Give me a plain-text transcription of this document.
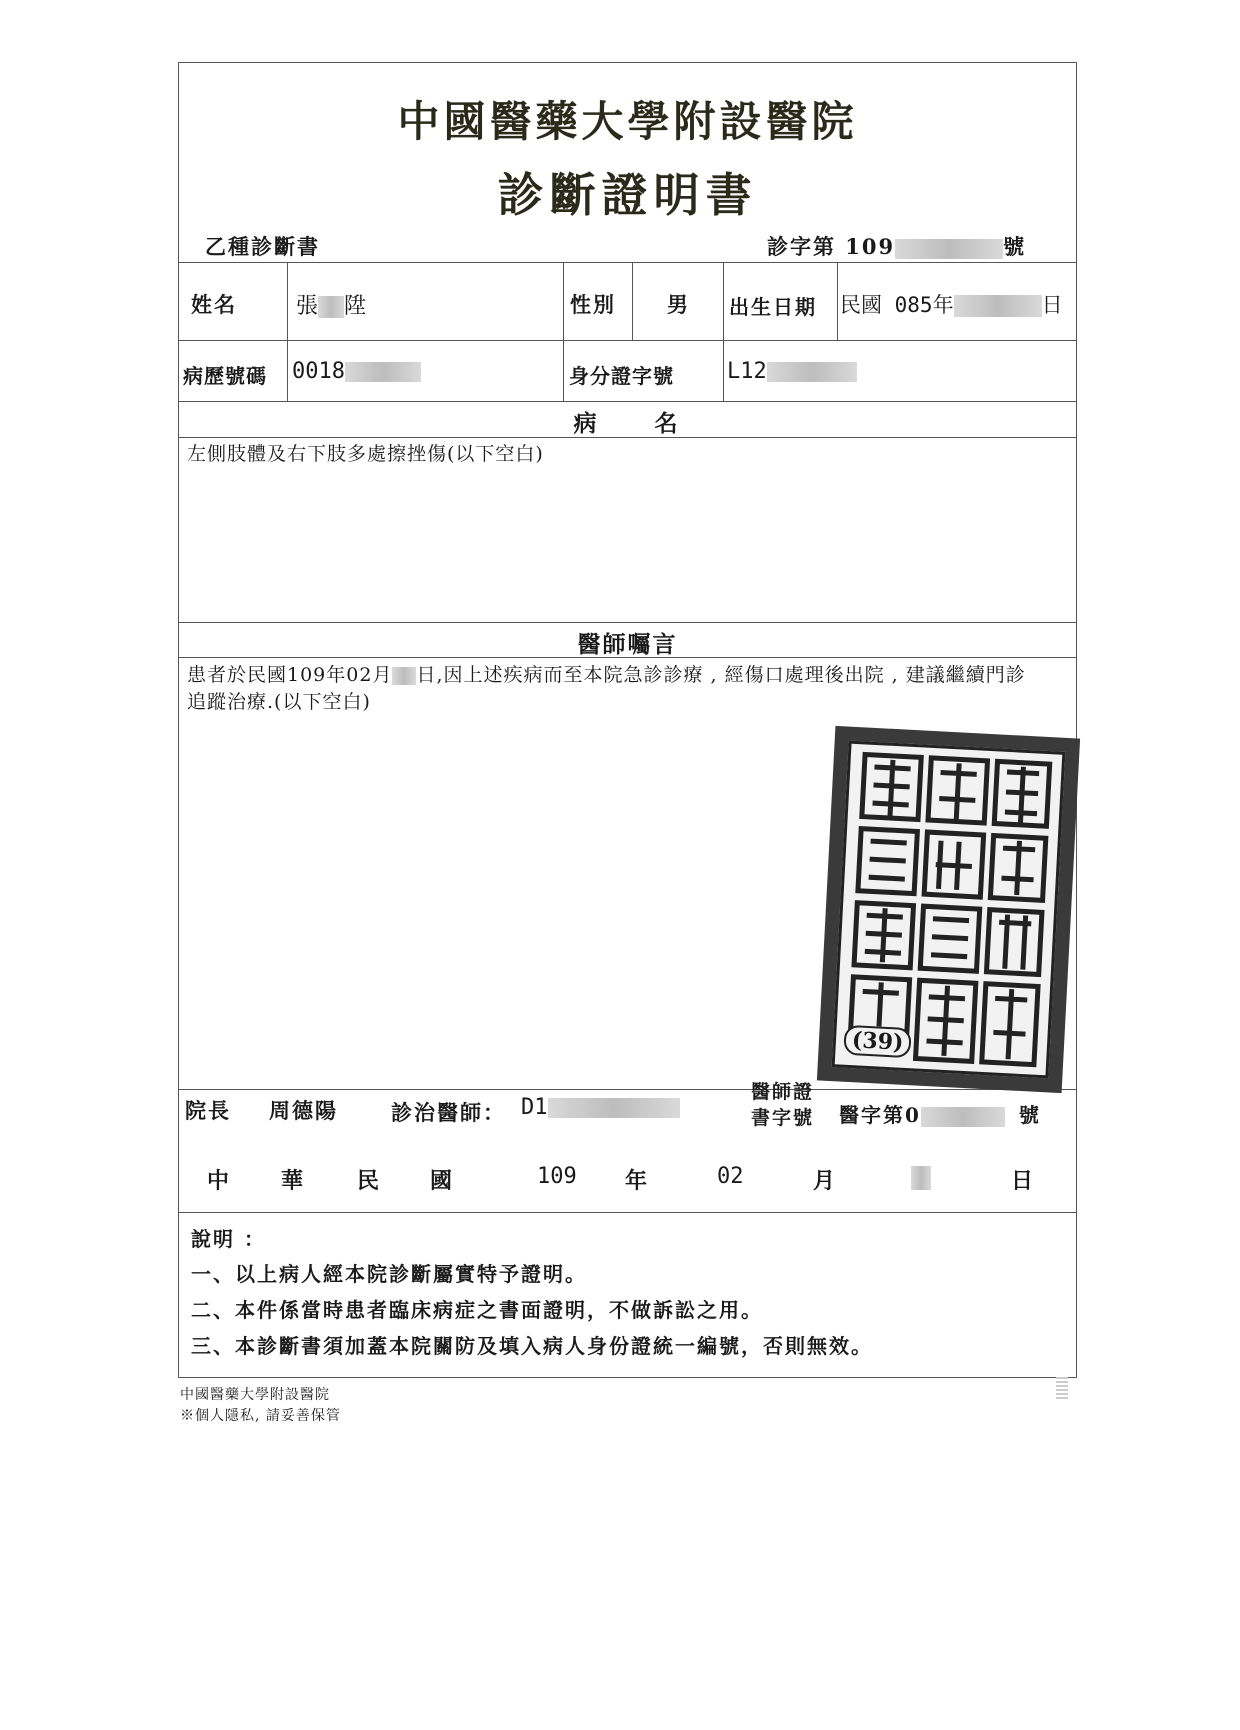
中國醫藥大學附設醫院
診斷證明書
乙種診斷書	診字第 109	號
姓名	張 陞	性別 男 出生日期 民國 085年	日
病歷號碼 0018	身分證字號 L12
病　　名
左側肢體及右下肢多處擦挫傷(以下空白)
醫師囑言
患者於民國109年02月 日,因上述疾病而至本院急診診療 , 經傷口處理後出院 , 建議繼續門診
追蹤治療.(以下空白)
院長 周德陽	診治醫師： D1
醫師證
書字號 醫字第0	號
中 華 民 國	109 年	02	月	日
說明 ：
一、以上病人經本院診斷屬實特予證明。
二、本件係當時患者臨床病症之書面證明，不做訴訟之用。
三、本診斷書須加蓋本院關防及填入病人身份證統一編號，否則無效。
(39)
中國醫藥大學附設醫院
※個人隱私, 請妥善保管
